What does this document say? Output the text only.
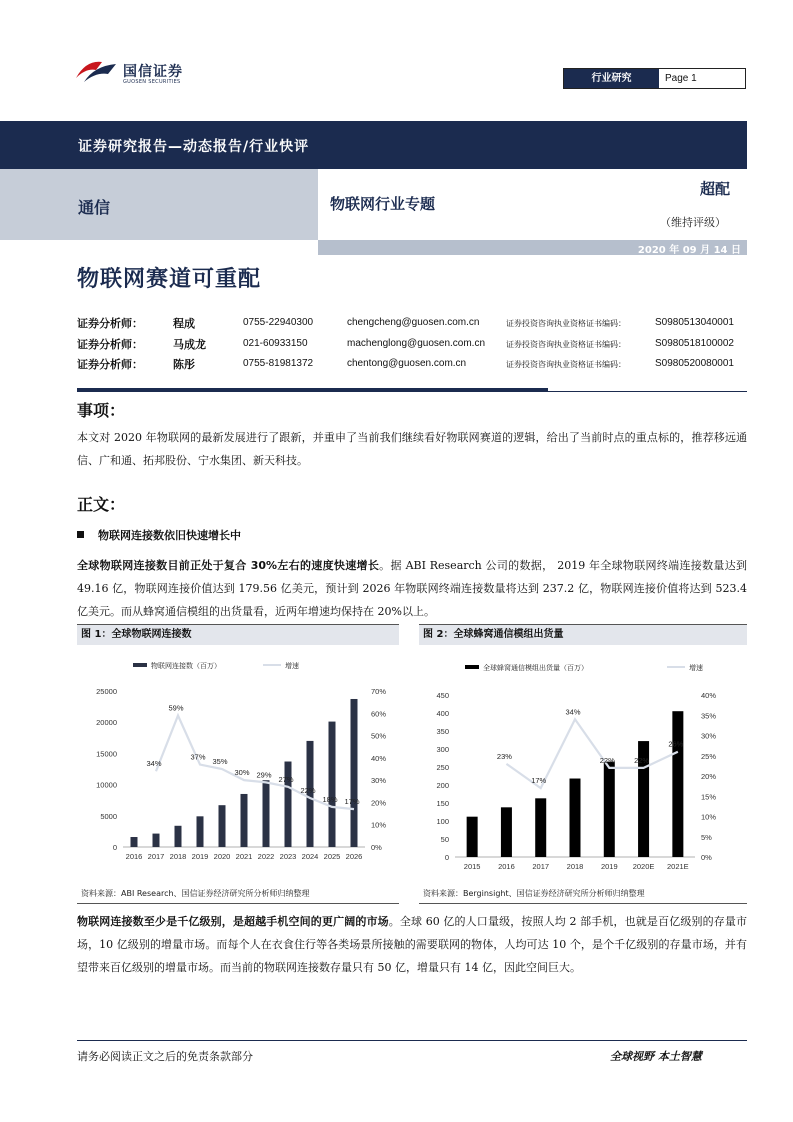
国信证券
GUOSEN SECURITIES	行业研究	Page 1
证券研究报告—动态报告/行业快评
通信	物联网行业专题
超配
（维持评级）
2020 年 09 月 14 日
物联网赛道可重配
证券分析师：	程成	0755-22940300	chengcheng@guosen.com.cn	证券投资咨询执业资格证书编码：	S0980513040001
证券分析师：	马成龙	021-60933150	machenglong@guosen.com.cn	证券投资咨询执业资格证书编码：	S0980518100002
证券分析师：	陈彤	0755-81981372	chentong@guosen.com.cn	证券投资咨询执业资格证书编码：	S0980520080001
事项：
本文对 2020 年物联网的最新发展进行了跟新，并重申了当前我们继续看好物联网赛道的逻辑，给出了当前时点的重点标的，推荐移远通信、广和通、拓邦股份、宁水集团、新天科技。
正文：
物联网连接数依旧快速增长中
全球物联网连接数目前正处于复合 30%左右的速度快速增长。据 ABI Research 公司的数据， 2019 年全球物联网终端连接数量达到 49.16 亿，物联网连接价值达到 179.56 亿美元，预计到 2026 年物联网终端连接数量将达到 237.2 亿，物联网连接价值将达到 523.4 亿美元。而从蜂窝通信模组的出货量看，近两年增速均保持在 20%以上。
图 1：全球物联网连接数
物联网连接数（百万）	增速
0
5000
10000
15000
20000
25000
0%
10%
20%
30%
40%
50%
60%
70%
2016 2017 2018 2019 2020 2021 2022 2023 2024 2025 2026
34%
59%
37% 35%
30% 29% 27%
22%
18% 17%
资料来源：ABI Research、国信证券经济研究所分析师归纳整理
图 2：全球蜂窝通信模组出货量
全球蜂窝通信模组出货量（百万）	增速
0
50
100
150
200
250
300
350
400
450
0%
5%
10%
15%
20%
25%
30%
35%
40%
2015 2016 2017 2018 2019 2020E 2021E
23%
17%
34%
22%	22%
26%
资料来源：Berginsight、国信证券经济研究所分析师归纳整理
物联网连接数至少是千亿级别，是超越手机空间的更广阔的市场。全球 60 亿的人口量级，按照人均 2 部手机，也就是百亿级别的存量市场，10 亿级别的增量市场。而每个人在衣食住行等各类场景所接触的需要联网的物体，人均可达 10 个，是个千亿级别的存量市场，并有望带来百亿级别的增量市场。而当前的物联网连接数存量只有 50 亿，增量只有 14 亿，因此空间巨大。
请务必阅读正文之后的免责条款部分	全球视野 本土智慧
